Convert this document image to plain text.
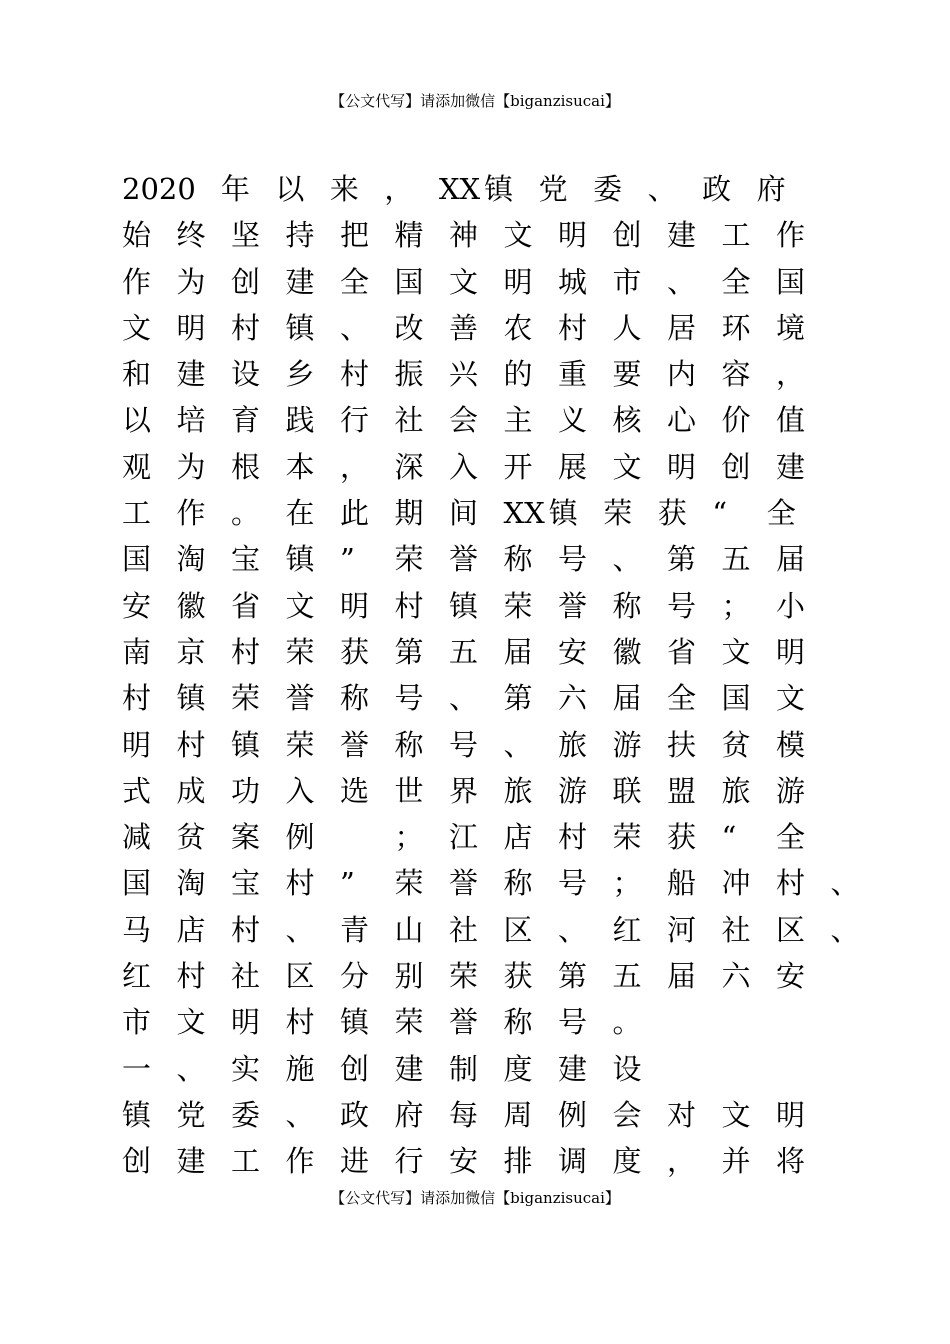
【公文代写】请添加微信【biganzisucai】
2020 年 以 来 ， XX 镇 党 委 、 政 府
始 终 坚 持 把 精 神 文 明 创 建 工 作
作 为 创 建 全 国 文 明 城 市 、 全 国
文 明 村 镇 、 改 善 农 村 人 居 环 境
和 建 设 乡 村 振 兴 的 重 要 内 容 ，
以 培 育 践 行 社 会 主 义 核 心 价 值
观 为 根 本 ， 深 入 开 展 文 明 创 建
工 作 。 在 此 期 间 XX 镇 荣 获 “ 全
国 淘 宝 镇 ” 荣 誉 称 号 、 第 五 届
安 徽 省 文 明 村 镇 荣 誉 称 号 ； 小
南 京 村 荣 获 第 五 届 安 徽 省 文 明
村 镇 荣 誉 称 号 、 第 六 届 全 国 文
明 村 镇 荣 誉 称 号 、 旅 游 扶 贫 模
式 成 功 入 选 世 界 旅 游 联 盟 旅 游
减 贫 案 例	； 江 店 村 荣 获 “ 全
国 淘 宝 村 ” 荣 誉 称 号 ； 船 冲 村 、
马 店 村 、 青 山 社 区 、 红 河 社 区 、
红 村 社 区 分 别 荣 获 第 五 届 六 安
市 文 明 村 镇 荣 誉 称 号 。
一 、 实 施 创 建 制 度 建 设
镇 党 委 、 政 府 每 周 例 会 对 文 明
创 建 工 作 进 行 安 排 调 度 ， 并 将
【公文代写】请添加微信【biganzisucai】
